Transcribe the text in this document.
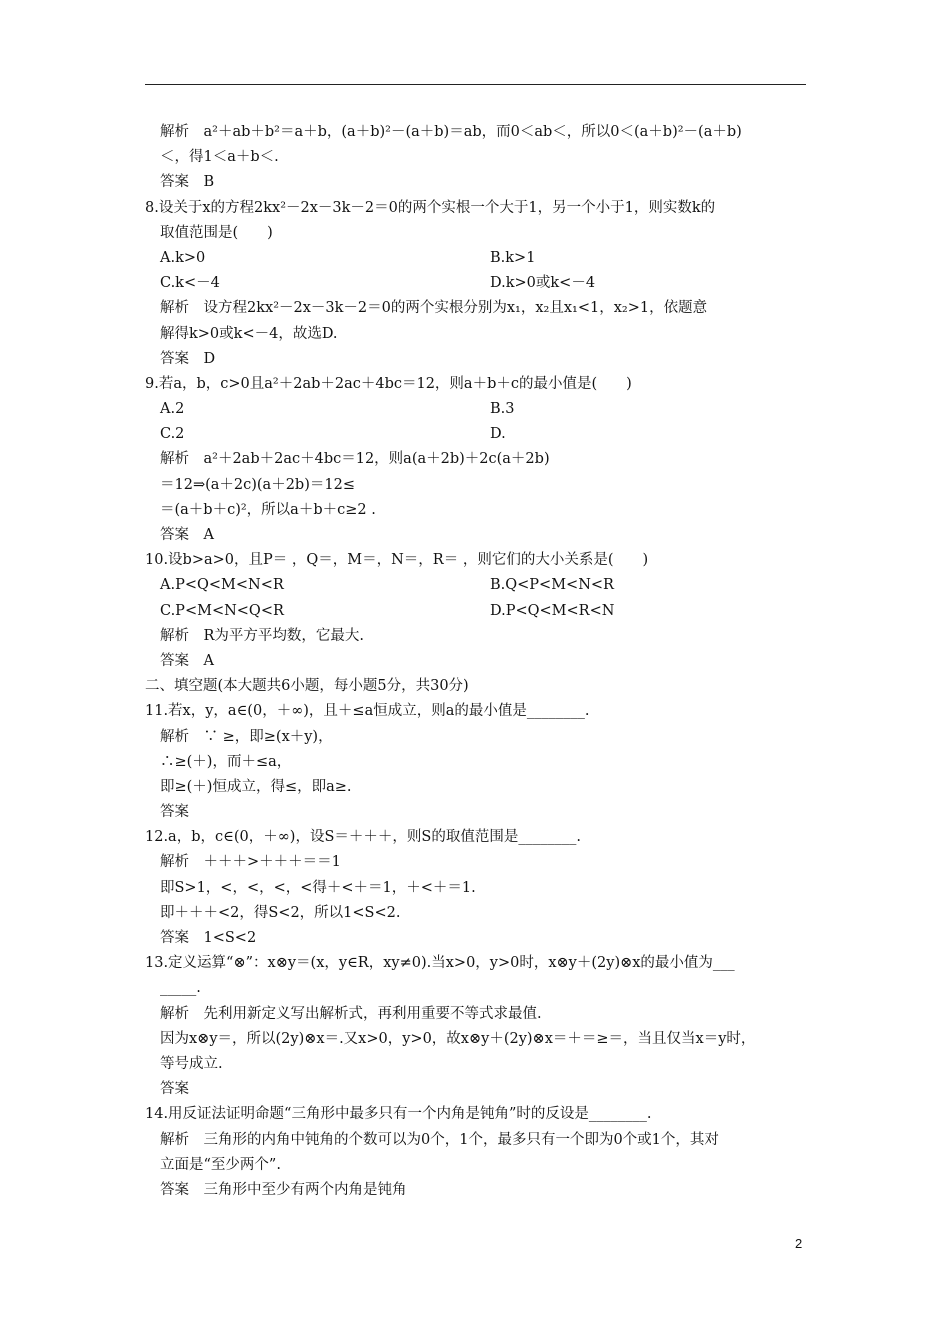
解析　a²＋ab＋b²＝a＋b，(a＋b)²－(a＋b)＝ab，而0＜ab＜，所以0＜(a＋b)²－(a＋b)
＜，得1＜a＋b＜.
答案　B
8.设关于x的方程2kx²－2x－3k－2＝0的两个实根一个大于1，另一个小于1，则实数k的
取值范围是(　　)
A.k>0	B.k>1
C.k<－4	D.k>0或k<－4
解析　设方程2kx²－2x－3k－2＝0的两个实根分别为x₁，x₂且x₁<1，x₂>1，依题意
解得k>0或k<－4，故选D.
答案　D
9.若a，b，c>0且a²＋2ab＋2ac＋4bc＝12，则a＋b＋c的最小值是(　　)
A.2	B.3
C.2	D.
解析　a²＋2ab＋2ac＋4bc＝12，则a(a＋2b)＋2c(a＋2b)
＝12⇒(a＋2c)(a＋2b)＝12≤
＝(a＋b＋c)²，所以a＋b＋c≥2 .
答案　A
10.设b>a>0，且P＝ ，Q＝，M＝，N＝，R＝ ，则它们的大小关系是(　　)
A.P<Q<M<N<R	B.Q<P<M<N<R
C.P<M<N<Q<R	D.P<Q<M<R<N
解析　R为平方平均数，它最大.
答案　A
二、填空题(本大题共6小题，每小题5分，共30分)
11.若x，y，a∈(0，＋∞)，且＋≤a恒成立，则a的最小值是________.
解析　∵ ≥，即≥(x＋y)，
∴≥(＋)，而＋≤a，
即≥(＋)恒成立，得≤，即a≥.
答案
12.a，b，c∈(0，＋∞)，设S＝＋＋＋，则S的取值范围是________.
解析　＋＋＋>＋＋＋＝＝1
即S>1，<，<，<，<得＋<＋＝1，＋<＋＝1.
即＋＋＋<2，得S<2，所以1<S<2.
答案　1<S<2
13.定义运算“⊗”：x⊗y＝(x，y∈R，xy≠0).当x>0，y>0时，x⊗y＋(2y)⊗x的最小值为___
_____.
解析　先利用新定义写出解析式，再利用重要不等式求最值.
因为x⊗y＝，所以(2y)⊗x＝.又x>0，y>0，故x⊗y＋(2y)⊗x＝＋＝≥＝，当且仅当x＝y时，
等号成立.
答案
14.用反证法证明命题“三角形中最多只有一个内角是钝角”时的反设是________.
解析　三角形的内角中钝角的个数可以为0个，1个，最多只有一个即为0个或1个，其对
立面是“至少两个”.
答案　三角形中至少有两个内角是钝角
2
